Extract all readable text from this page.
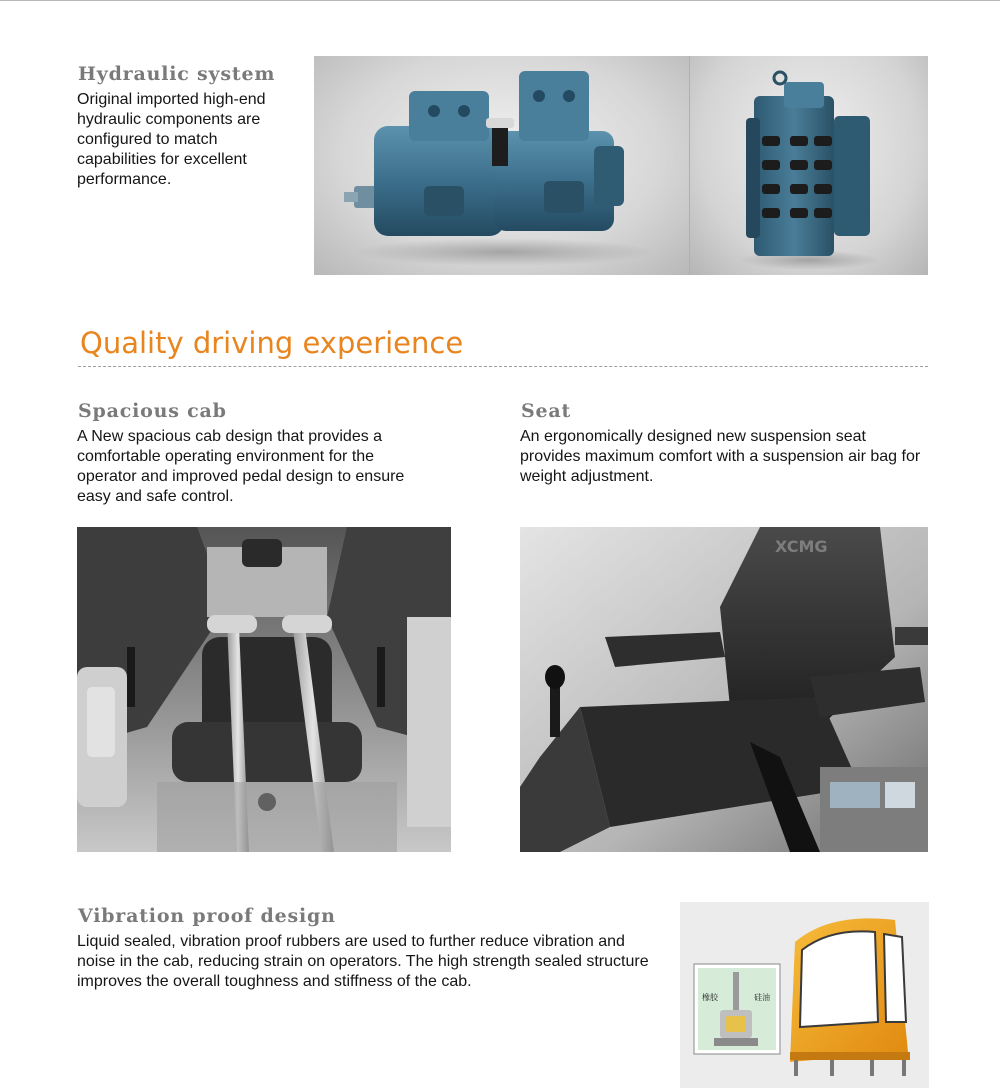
Hydraulic system

Original imported high-end hydraulic components are configured to match capabilities for excellent performance.

Quality driving experience
Spacious cab

A New spacious cab design that provides a comfortable operating environment for the operator and improved pedal design to ensure easy and safe control.

Seat

An ergonomically designed new suspension seat provides maximum comfort with a suspension air bag for weight adjustment.

XCMG
Vibration proof design

Liquid sealed, vibration proof rubbers are used to further reduce vibration and noise in the cab, reducing strain on operators. The high strength sealed structure improves the overall toughness and stiffness of the cab.

橡胶	硅油
